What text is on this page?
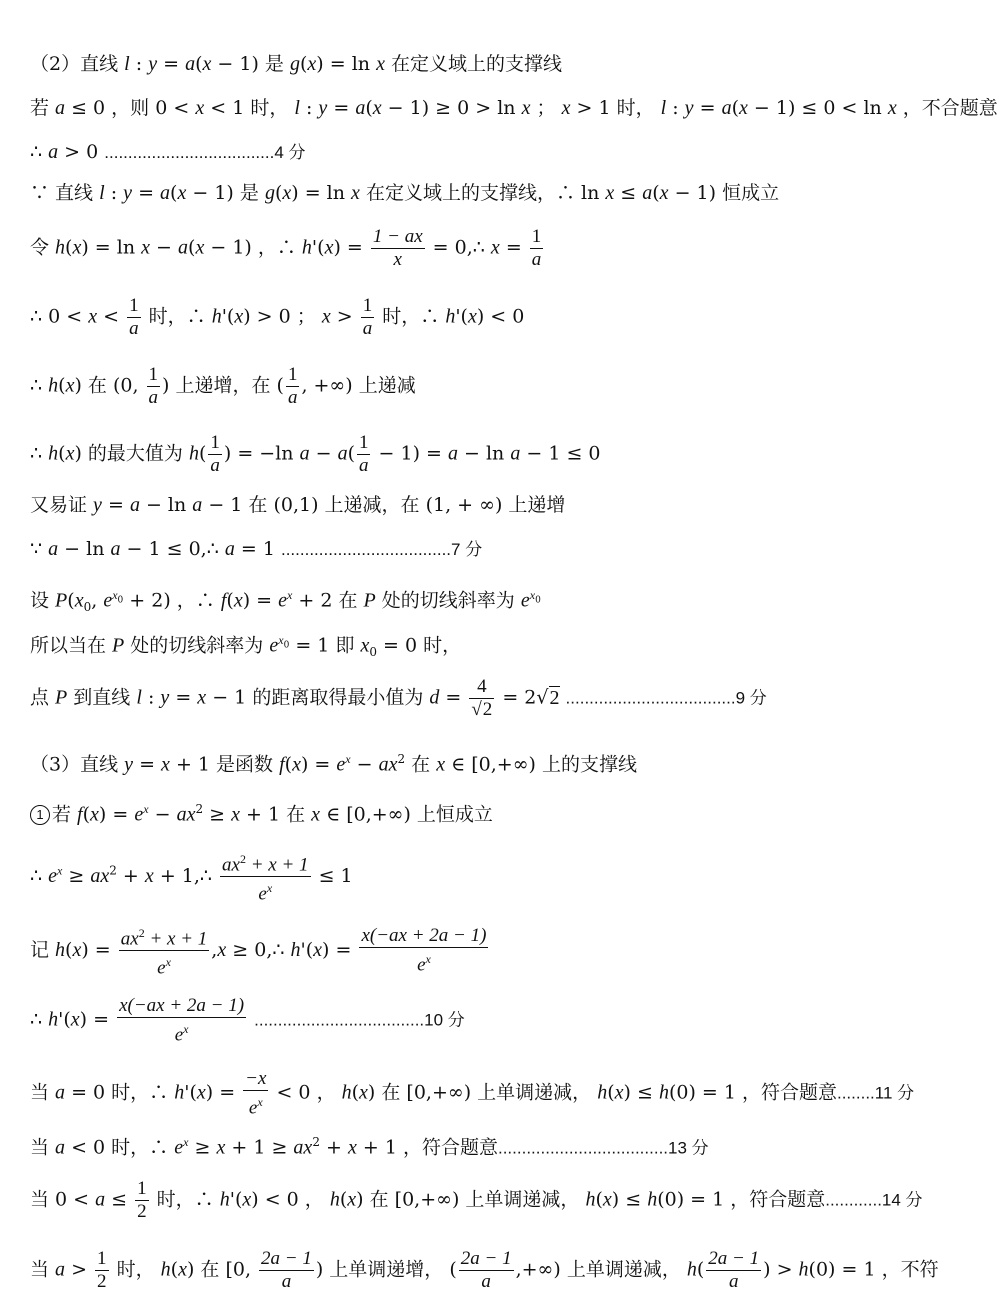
（2）直线 l : y = a(x − 1) 是 g(x) = ln x 在定义域上的支撑线
若 a ≤ 0 ，则 0 < x < 1 时， l : y = a(x − 1) ≥ 0 > ln x ； x > 1 时， l : y = a(x − 1) ≤ 0 < ln x ，不合题意
∴ a > 0 ....................................4 分
∵ 直线 l : y = a(x − 1) 是 g(x) = ln x 在定义域上的支撑线，∴ ln x ≤ a(x − 1) 恒成立
令 h(x) = ln x − a(x − 1) ，∴ $h'(x) = \frac{1 - ax}{x}$ = 0,∴ $x = \frac{1}{a}$
∴ $0 < x < \frac{1}{a}$ 时，∴ h'(x) > 0 ； $x > \frac{1}{a}$ 时，∴ h'(x) < 0
∴ h(x) 在 (0, $\frac{1}{a}$ ) 上递增，在 ( $\frac{1}{a}$ , +∞) 上递减
∴ h(x) 的最大值为 $h( \frac{1}{a}$ ) = −ln $a - a( \frac{1}{a} - 1) = a - \ln a - 1 \le 0$
又易证 y = a − ln a − 1 在 (0,1) 上递减，在 (1, + ∞) 上递增
∵ a − ln a − 1 ≤ 0,∴ a = 1 ....................................7 分
设 $P(x_0$, $e^{x_0} + 2$) ，∴ $f(x) = e^x + 2$ 在 P 处的切线斜率为 $e^{x_0}$
所以当在 P 处的切线斜率为 $e^{x_0} = 1$ 即 $x_0 = 0$ 时，
点 P 到直线 l : y = x − 1 的距离取得最小值为 $d = \frac{4}{√2} = 2√2$ ....................................9 分
（3）直线 y = x + 1 是函数 $f(x) = e^x - ax^2$ 在 x ∈ [0,+∞) 上的支撑线
1 若 $f(x) = e^x - ax^2 \ge x + 1$ 在 x ∈ [0,+∞) 上恒成立
∴ $e^x \ge ax^2 + x$ + 1,∴ $\frac{ax^2 + x + 1}{e^x} \le 1$
记 $h(x) = \frac{ax^2 + x + 1}{e^x} ,x$ ≥ 0,∴ $h'(x) = \frac{x(-ax + 2a - 1)}{e^x}$
∴ $h'(x) = \frac{x(-ax + 2a - 1)}{e^x} ....................................10$ 分
当 a = 0 时，∴ $h'(x) = \frac{-x}{e^x} < 0$ ， h(x) 在 [0,+∞) 上单调递减， h(x) ≤ h(0) = 1 ，符合题意........11 分
当 a < 0 时，∴ $e^x \ge x + 1 \ge ax^2 + x + 1$ ，符合题意....................................13 分
当 $0 < a \le \frac{1}{2}$ 时，∴ h'(x) < 0 ， h(x) 在 [0,+∞) 上单调递减， h(x) ≤ h(0) = 1 ，符合题意............14 分
当 $a > \frac{1}{2}$ 时， h(x) 在 [0, $\frac{2a - 1}{a}$ ) 上单调递增， ( $\frac{2a - 1}{a}$ ,+∞) 上单调递减， $h( \frac{2a - 1}{a}$ ) > h(0) = 1 ，不符
